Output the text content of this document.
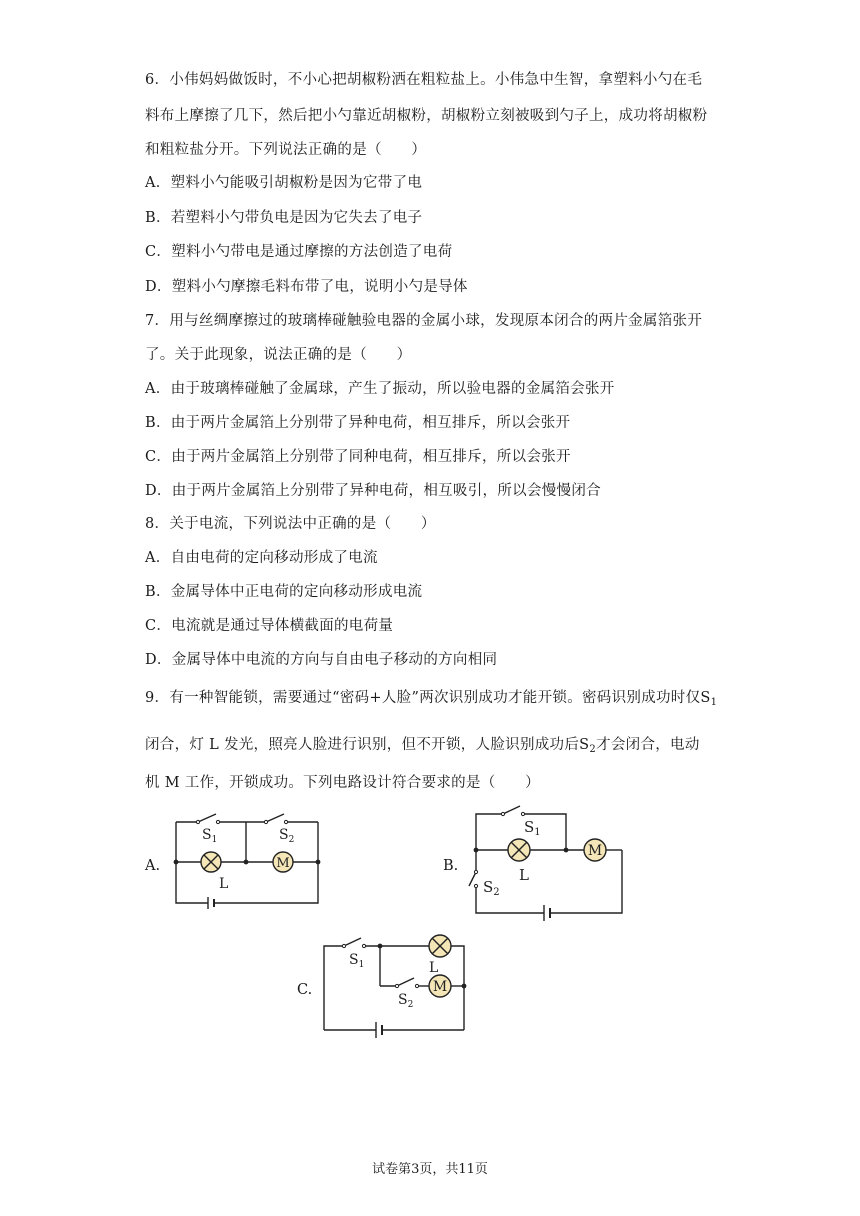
6．小伟妈妈做饭时，不小心把胡椒粉洒在粗粒盐上。小伟急中生智，拿塑料小勺在毛
料布上摩擦了几下，然后把小勺靠近胡椒粉，胡椒粉立刻被吸到勺子上，成功将胡椒粉
和粗粒盐分开。下列说法正确的是（　　）
A．塑料小勺能吸引胡椒粉是因为它带了电
B．若塑料小勺带负电是因为它失去了电子
C．塑料小勺带电是通过摩擦的方法创造了电荷
D．塑料小勺摩擦毛料布带了电，说明小勺是导体
7．用与丝绸摩擦过的玻璃棒碰触验电器的金属小球，发现原本闭合的两片金属箔张开
了。关于此现象，说法正确的是（　　）
A．由于玻璃棒碰触了金属球，产生了振动，所以验电器的金属箔会张开
B．由于两片金属箔上分别带了异种电荷，相互排斥，所以会张开
C．由于两片金属箔上分别带了同种电荷，相互排斥，所以会张开
D．由于两片金属箔上分别带了异种电荷，相互吸引，所以会慢慢闭合
8．关于电流，下列说法中正确的是（　　）
A．自由电荷的定向移动形成了电流
B．金属导体中正电荷的定向移动形成电流
C．电流就是通过导体横截面的电荷量
D．金属导体中电流的方向与自由电子移动的方向相同
9．有一种智能锁，需要通过“密码+人脸”两次识别成功才能开锁。密码识别成功时仅$S_1$
闭合，灯 L 发光，照亮人脸进行识别，但不开锁，人脸识别成功后$S_2$才会闭合，电动
机 M 工作，开锁成功。下列电路设计符合要求的是（　　）
A.	M
$S_1$	$S_2$
L
B.
M
$S_1$
L
$S_2$
C.	M
$S_1$	L
$S_2$
试卷第3页，共11页
